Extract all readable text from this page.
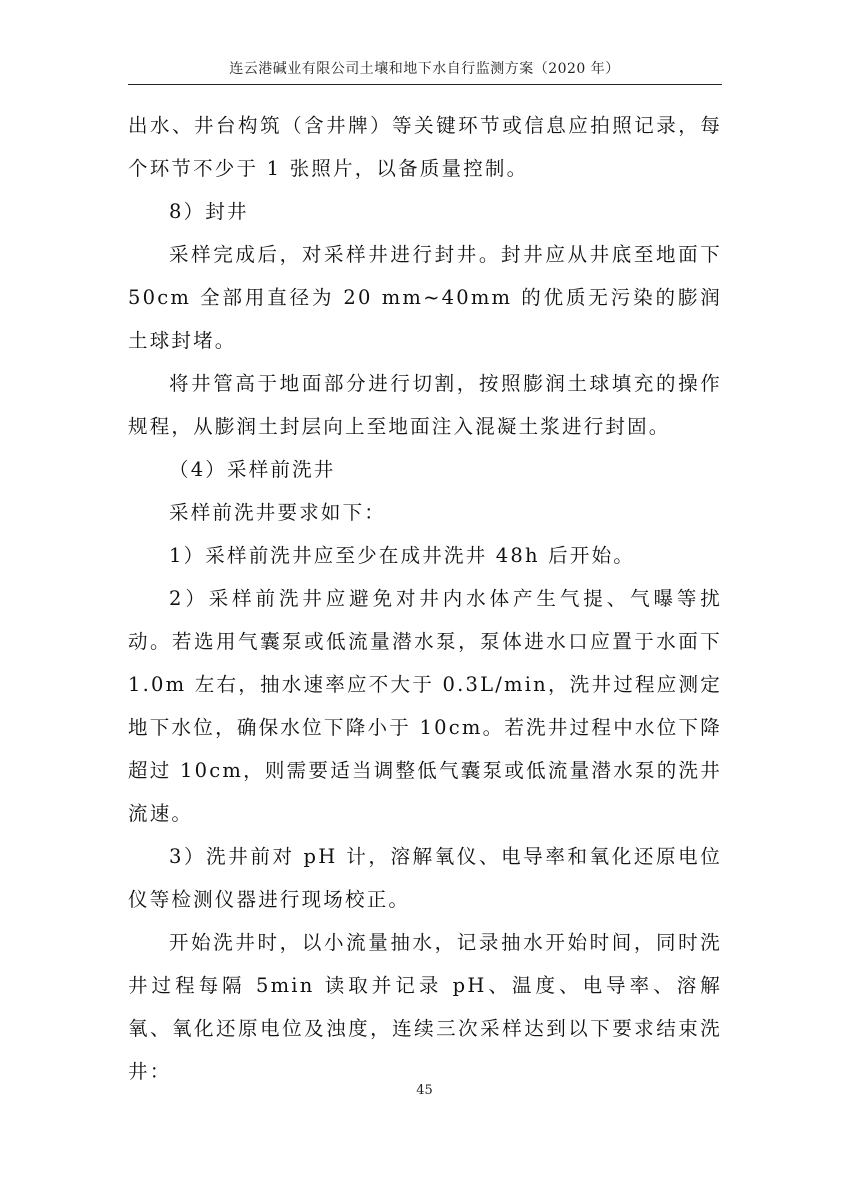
连云港碱业有限公司土壤和地下水自行监测方案（2020 年）

出水、井台构筑（含井牌）等关键环节或信息应拍照记录，每个环节不少于 1 张照片，以备质量控制。

8）封井

采样完成后，对采样井进行封井。封井应从井底至地面下 50cm 全部用直径为 20 mm~40mm 的优质无污染的膨润土球封堵。

将井管高于地面部分进行切割，按照膨润土球填充的操作规程，从膨润土封层向上至地面注入混凝土浆进行封固。

（4）采样前洗井

采样前洗井要求如下：

1）采样前洗井应至少在成井洗井 48h 后开始。

2）采样前洗井应避免对井内水体产生气提、气曝等扰动。若选用气囊泵或低流量潜水泵，泵体进水口应置于水面下 1.0m 左右，抽水速率应不大于 0.3L/min，洗井过程应测定地下水位，确保水位下降小于 10cm。若洗井过程中水位下降超过 10cm，则需要适当调整低气囊泵或低流量潜水泵的洗井流速。

3）洗井前对 pH 计，溶解氧仪、电导率和氧化还原电位仪等检测仪器进行现场校正。

开始洗井时，以小流量抽水，记录抽水开始时间，同时洗井过程每隔 5min 读取并记录 pH、温度、电导率、溶解氧、氧化还原电位及浊度，连续三次采样达到以下要求结束洗井：

45
